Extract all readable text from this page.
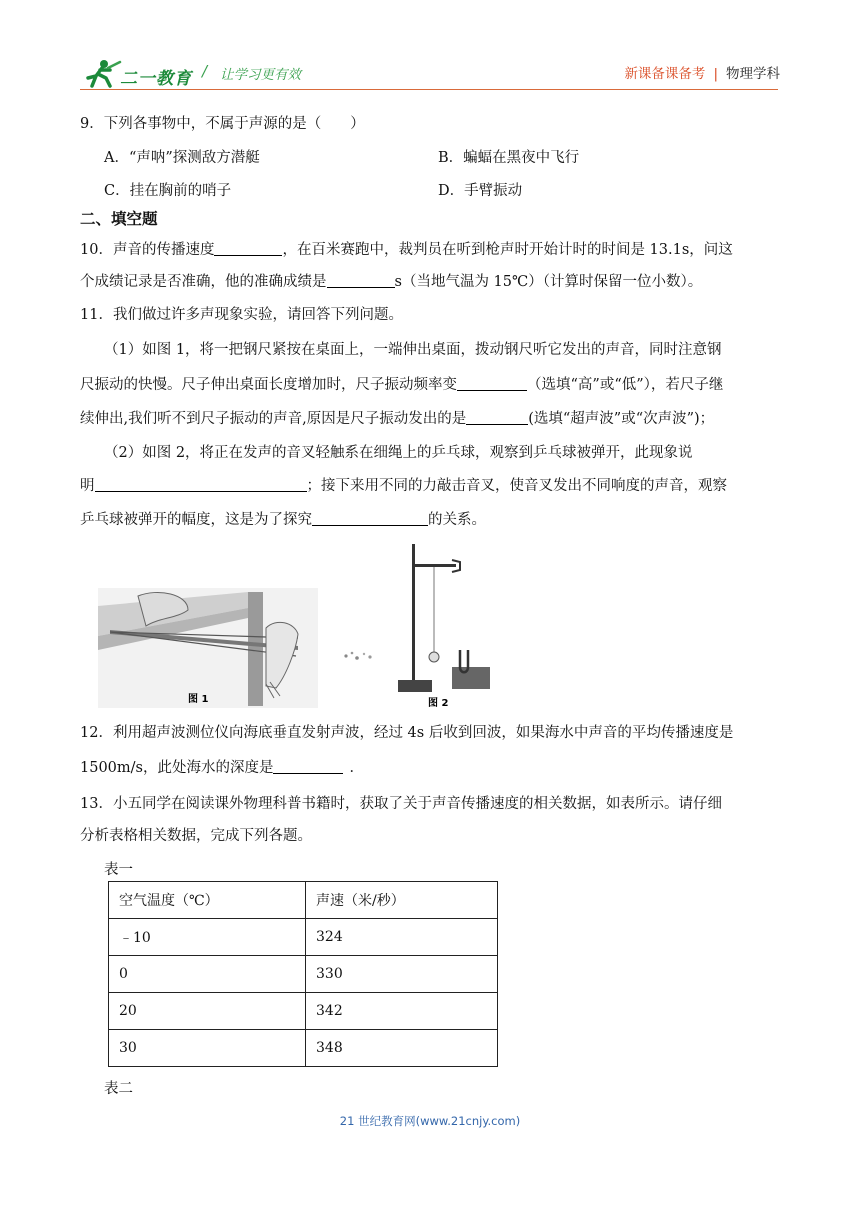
二一教育 / 让学习更有效	新课备课备考 | 物理学科
9．下列各事物中，不属于声源的是（　　）
A．“声呐”探测敌方潜艇	B．蝙蝠在黑夜中飞行
C．挂在胸前的哨子	D．手臂振动
二、填空题
10．声音的传播速度	，在百米赛跑中，裁判员在听到枪声时开始计时的时间是 13.1s，问这
个成绩记录是否准确，他的准确成绩是	s（当地气温为 15℃）（计算时保留一位小数）。
11．我们做过许多声现象实验，请回答下列问题。
（1）如图 1，将一把钢尺紧按在桌面上，一端伸出桌面，拨动钢尺听它发出的声音，同时注意钢
尺振动的快慢。尺子伸出桌面长度增加时，尺子振动频率变	（选填“高”或“低”），若尺子继
续伸出,我们听不到尺子振动的声音,原因是尺子振动发出的是	(选填“超声波”或“次声波”)；
（2）如图 2，将正在发声的音叉轻触系在细绳上的乒乓球，观察到乒乓球被弹开，此现象说
明	；接下来用不同的力敲击音叉，使音叉发出不同响度的声音，观察
乒乓球被弹开的幅度，这是为了探究	的关系。
图 1	图 2
12．利用超声波测位仪向海底垂直发射声波，经过 4s 后收到回波，如果海水中声音的平均传播速度是
1500m/s，此处海水的深度是	．
13．小五同学在阅读课外物理科普书籍时，获取了关于声音传播速度的相关数据，如表所示。请仔细
分析表格相关数据，完成下列各题。
表一
空气温度（℃）	声速（米/秒）
﹣10	324
0	330
20	342
30	348
表二
21 世纪教育网(www.21cnjy.com)
